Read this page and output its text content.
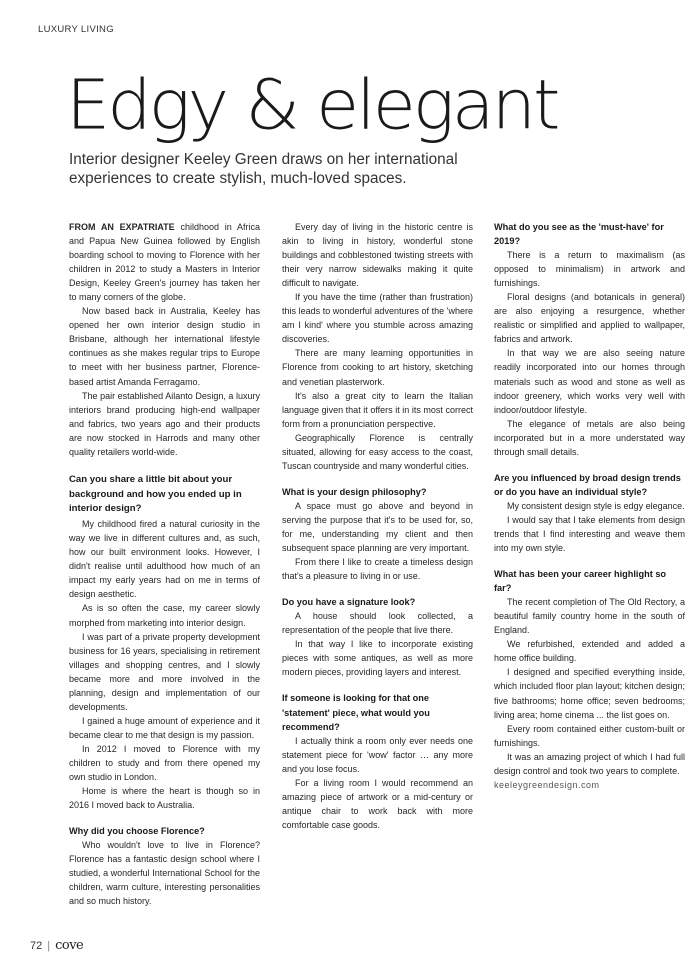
LUXURY LIVING
Edgy & elegant

Interior designer Keeley Green draws on her international experiences to create stylish, much-loved spaces.

FROM AN EXPATRIATE childhood in Africa and Papua New Guinea followed by English boarding school to moving to Florence with her children in 2012 to study a Masters in Interior Design, Keeley Green's journey has taken her to many corners of the globe.

Now based back in Australia, Keeley has opened her own interior design studio in Brisbane, although her international lifestyle continues as she makes regular trips to Europe to meet with her business partner, Florence-based artist Amanda Ferragamo.

The pair established Ailanto Design, a luxury interiors brand producing high-end wallpaper and fabrics, two years ago and their products are now stocked in Harrods and many other quality retailers world-wide.

Can you share a little bit about your background and how you ended up in interior design?

My childhood fired a natural curiosity in the way we live in different cultures and, as such, how our built environment looks. However, I didn't realise until adulthood how much of an impact my early years had on me in terms of design aesthetic.

As is so often the case, my career slowly morphed from marketing into interior design.

I was part of a private property development business for 16 years, specialising in retirement villages and shopping centres, and I slowly became more and more involved in the planning, design and implementation of our developments.

I gained a huge amount of experience and it became clear to me that design is my passion.

In 2012 I moved to Florence with my children to study and from there opened my own studio in London.

Home is where the heart is though so in 2016 I moved back to Australia.

Why did you choose Florence?

Who wouldn't love to live in Florence? Florence has a fantastic design school where I studied, a wonderful International School for the children, warm culture, interesting personalities and so much history.

Every day of living in the historic centre is akin to living in history, wonderful stone buildings and cobblestoned twisting streets with their very narrow sidewalks making it quite difficult to navigate.

If you have the time (rather than frustration) this leads to wonderful adventures of the 'where am I kind' where you stumble across amazing discoveries.

There are many learning opportunities in Florence from cooking to art history, sketching and venetian plasterwork.

It's also a great city to learn the Italian language given that it offers it in its most correct form from a pronunciation perspective.

Geographically Florence is centrally situated, allowing for easy access to the coast, Tuscan countryside and many wonderful cities.

What is your design philosophy?

A space must go above and beyond in serving the purpose that it's to be used for, so, for me, understanding my client and then subsequent space planning are very important.

From there I like to create a timeless design that's a pleasure to living in or use.

Do you have a signature look?

A house should look collected, a representation of the people that live there.

In that way I like to incorporate existing pieces with some antiques, as well as more modern pieces, providing layers and interest.

If someone is looking for that one 'statement' piece, what would you recommend?

I actually think a room only ever needs one statement piece for 'wow' factor … any more and you lose focus.

For a living room I would recommend an amazing piece of artwork or a mid-century or antique chair to work back with more comfortable case goods.

What do you see as the 'must-have' for 2019?

There is a return to maximalism (as opposed to minimalism) in artwork and furnishings.

Floral designs (and botanicals in general) are also enjoying a resurgence, whether realistic or simplified and applied to wallpaper, fabrics and artwork.

In that way we are also seeing nature readily incorporated into our homes through materials such as wood and stone as well as indoor greenery, which works very well with indoor/outdoor lifestyle.

The elegance of metals are also being incorporated but in a more understated way through small details.

Are you influenced by broad design trends or do you have an individual style?

My consistent design style is edgy elegance.

I would say that I take elements from design trends that I find interesting and weave them into my own style.

What has been your career highlight so far?

The recent completion of The Old Rectory, a beautiful family country home in the south of England.

We refurbished, extended and added a home office building.

I designed and specified everything inside, which included floor plan layout; kitchen design; five bathrooms; home office; seven bedrooms; living area; home cinema ... the list goes on.

Every room contained either custom-built or furnishings.

It was an amazing project of which I had full design control and took two years to complete.

keeleygreendesign.com

72 | cove
